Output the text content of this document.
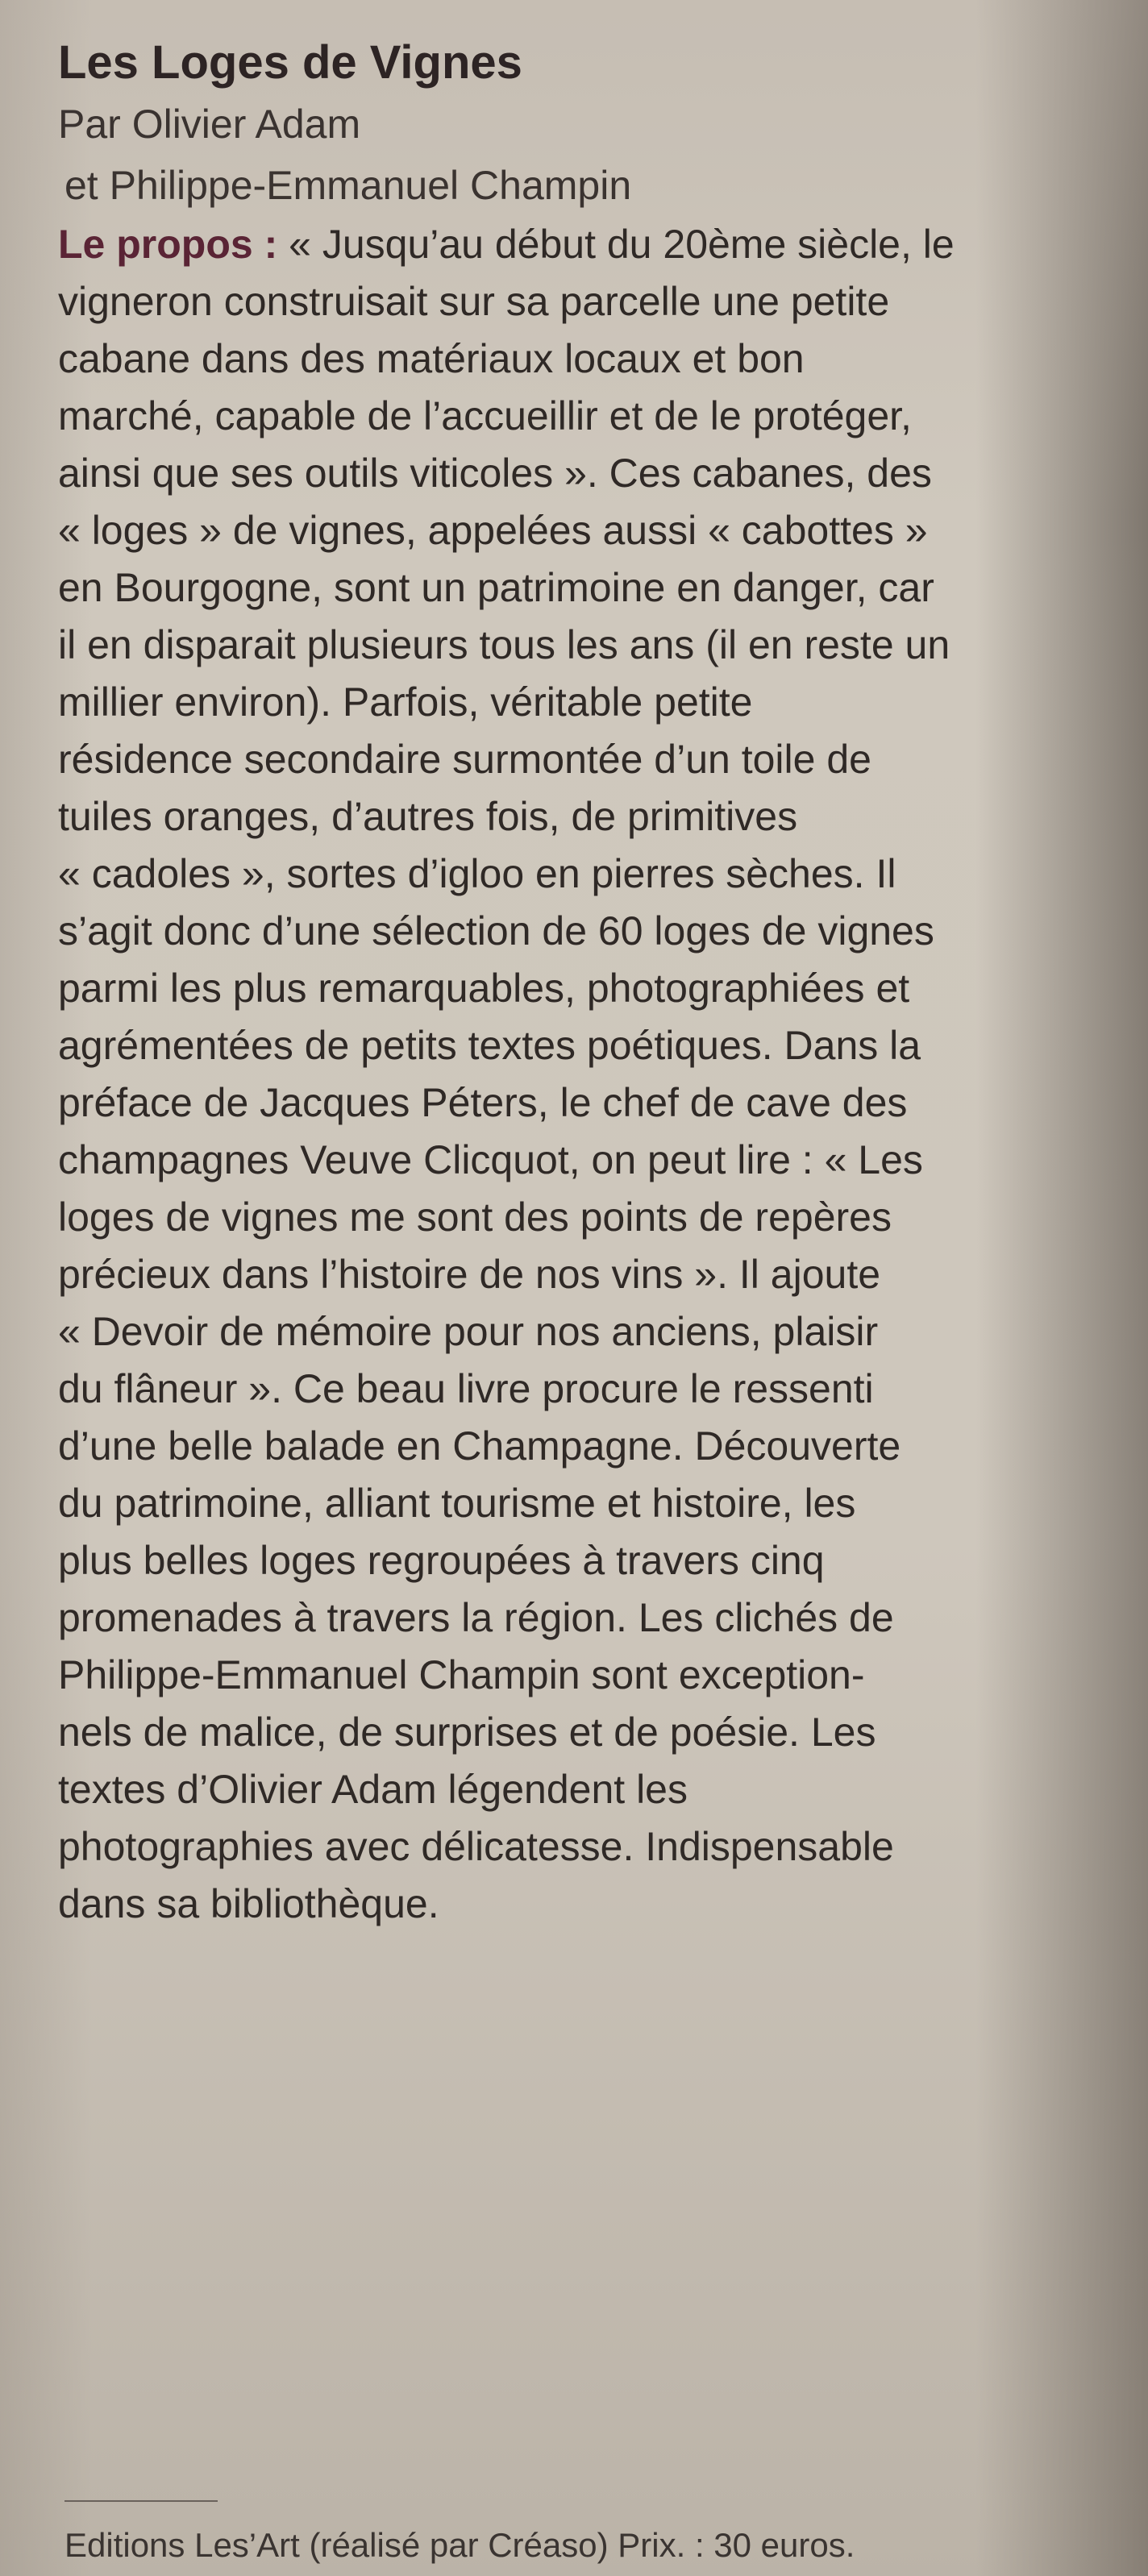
Les Loges de Vignes

Par Olivier Adam

et Philippe-Emmanuel Champin

Le propos : « Jusqu’au début du 20ème siècle, le
vigneron construisait sur sa parcelle une petite
cabane dans des matériaux locaux et bon
marché, capable de l’accueillir et de le protéger,
ainsi que ses outils viticoles ». Ces cabanes, des
« loges » de vignes, appelées aussi « cabottes »
en Bourgogne, sont un patrimoine en danger, car
il en disparait plusieurs tous les ans (il en reste un
millier environ). Parfois, véritable petite
résidence secondaire surmontée d’un toile de
tuiles oranges, d’autres fois, de primitives
« cadoles », sortes d’igloo en pierres sèches. Il
s’agit donc d’une sélection de 60 loges de vignes
parmi les plus remarquables, photographiées et
agrémentées de petits textes poétiques. Dans la
préface de Jacques Péters, le chef de cave des
champagnes Veuve Clicquot, on peut lire : « Les
loges de vignes me sont des points de repères
précieux dans l’histoire de nos vins ». Il ajoute
« Devoir de mémoire pour nos anciens, plaisir
du flâneur ». Ce beau livre procure le ressenti
d’une belle balade en Champagne. Découverte
du patrimoine, alliant tourisme et histoire, les
plus belles loges regroupées à travers cinq
promenades à travers la région. Les clichés de
Philippe-Emmanuel Champin sont exception-
nels de malice, de surprises et de poésie. Les
textes d’Olivier Adam légendent les
photographies avec délicatesse. Indispensable
dans sa bibliothèque.
Editions Les’Art (réalisé par Créaso) Prix. : 30 euros.
